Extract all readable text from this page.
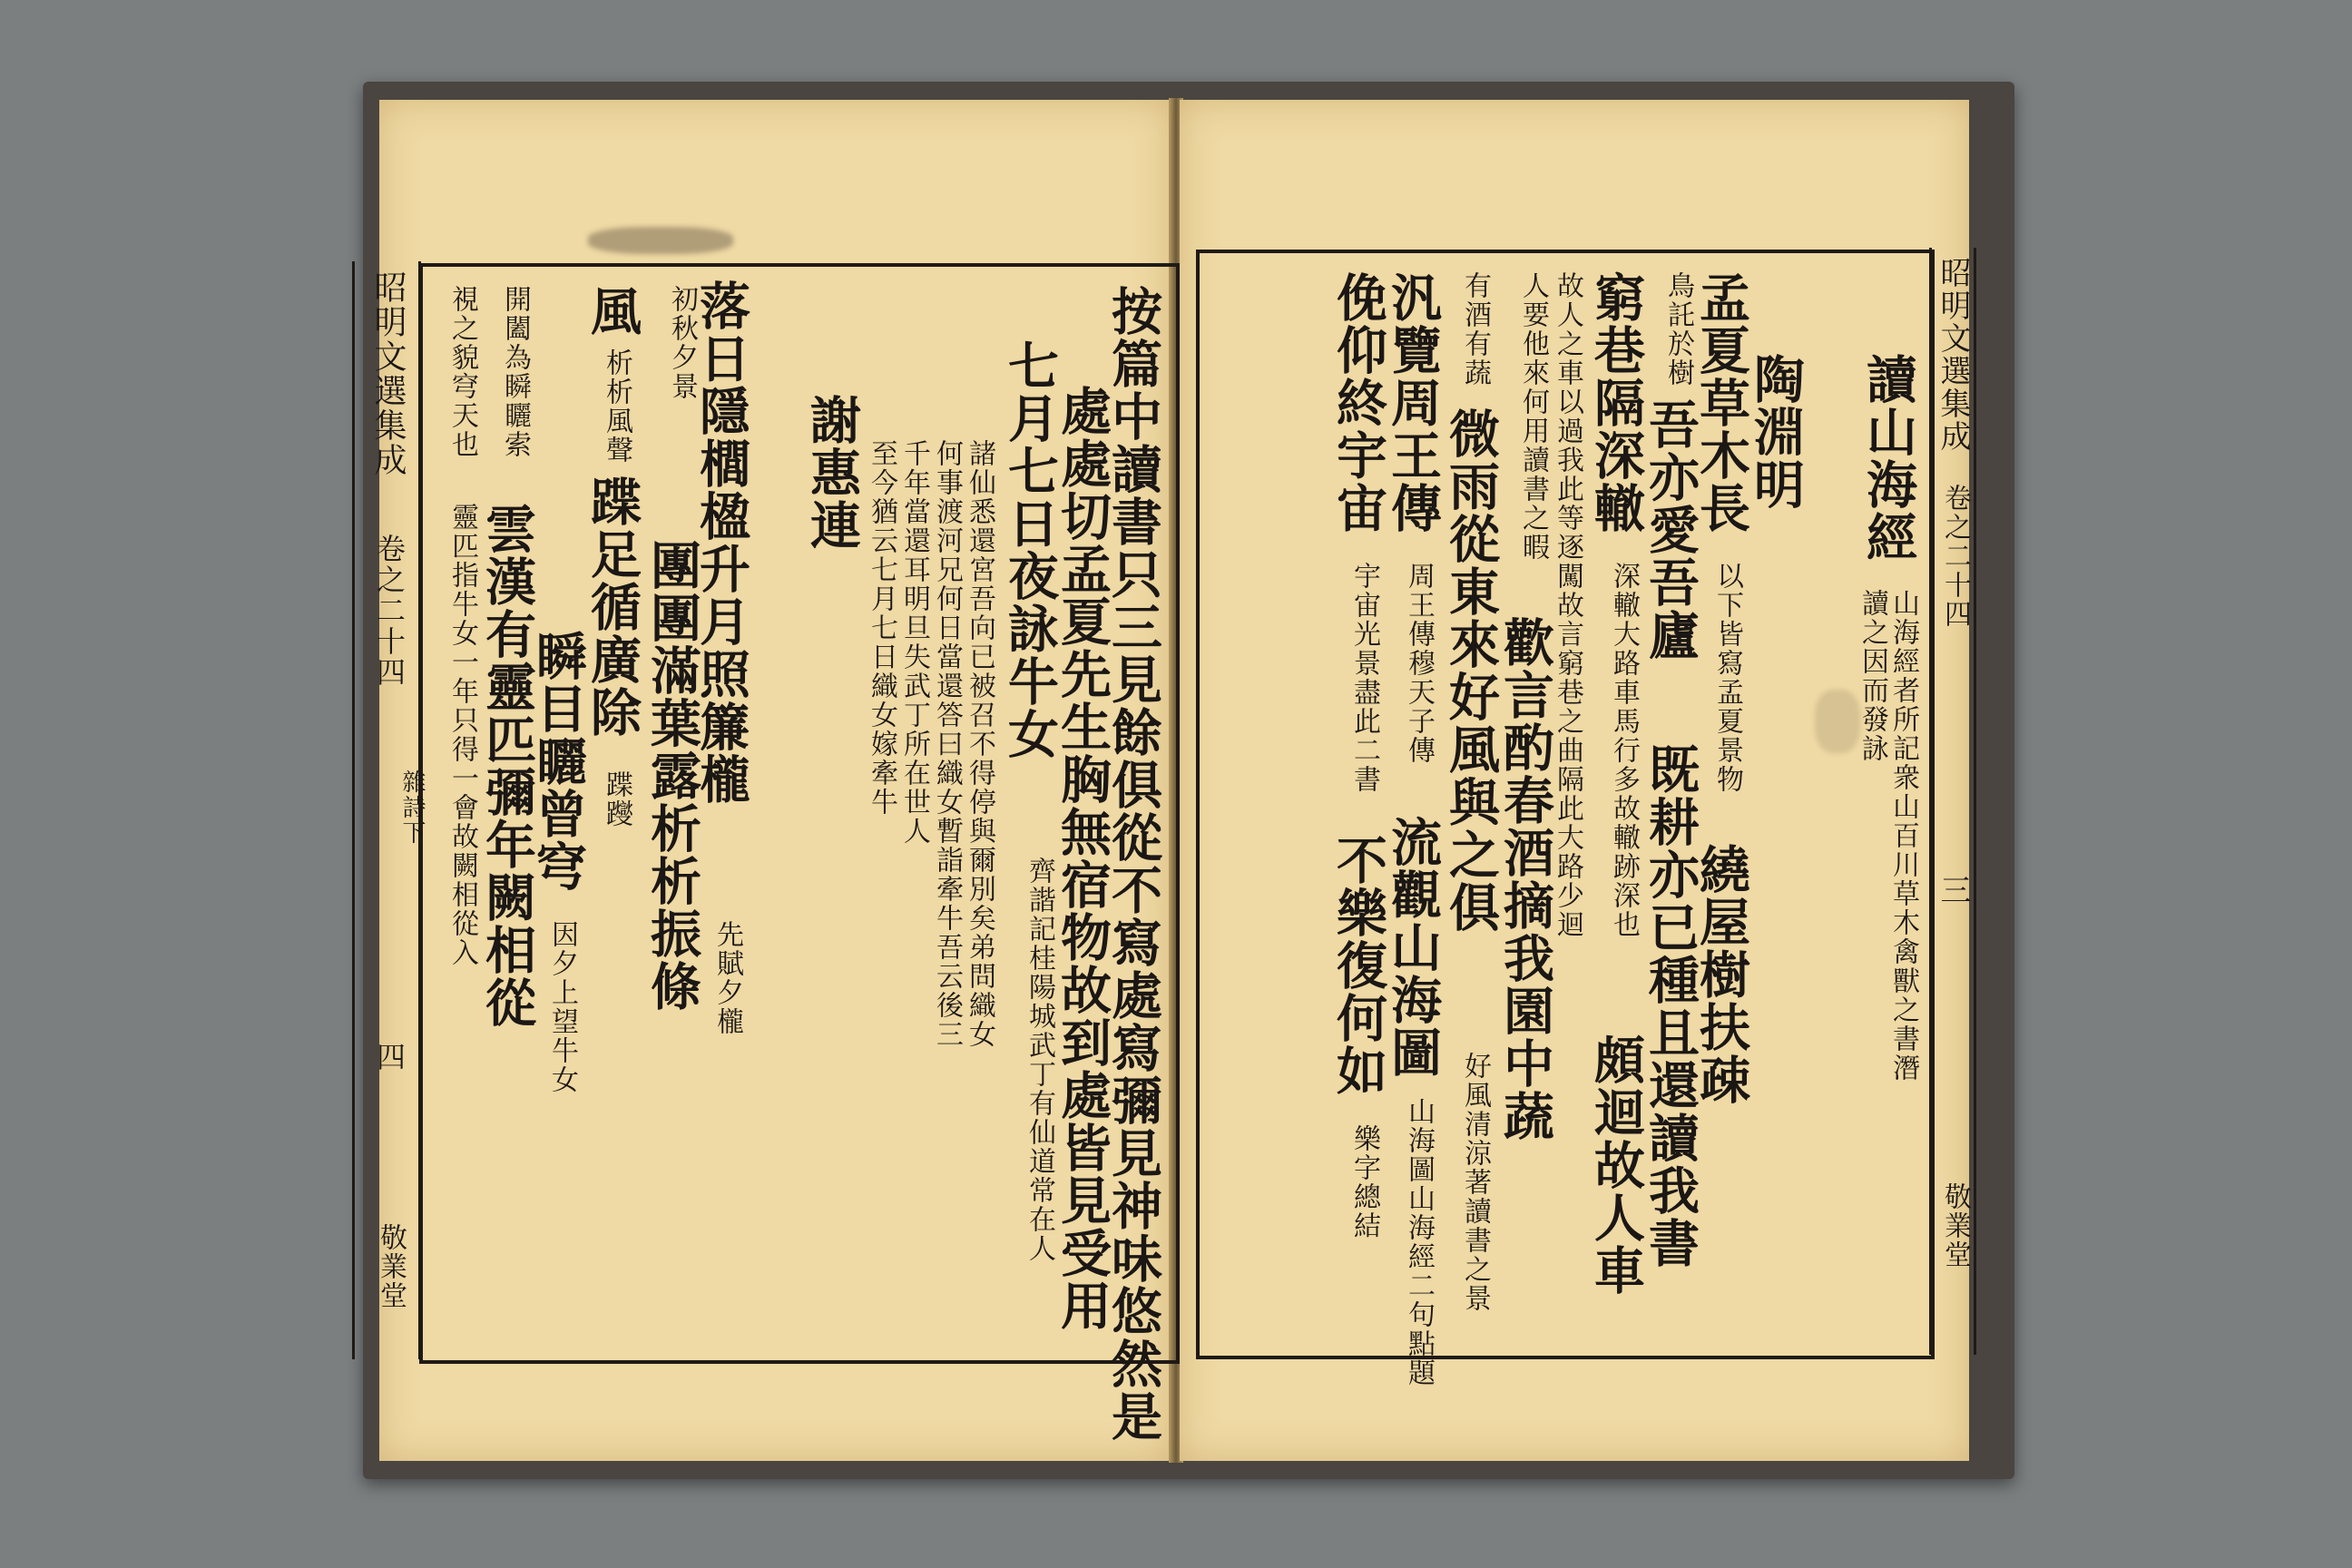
昭明文選集成
卷之二十四
雜詩下
四
敬業堂	按篇中讀書只三見餘俱從不寫處寫彌見神味悠然是
處處切孟夏先生胸無宿物故到處皆見受用
七月七日夜詠牛女
齊諧記桂陽城武丁有仙道常在人
諸仙悉還宮吾向已被召不得停與爾別矣弟問織女
何事渡河兄何日當還答曰織女暫詣牽牛吾云後三
千年當還耳明旦失武丁所在世人
至今猶云七月七日織女嫁牽牛
謝惠連
落日隱櫚楹升月照簾櫳
先賦夕櫳
初秋夕景
團團滿葉露析析振條
風
析析風聲
蹀足循廣除
蹀躞
瞬目矖曾穹
因夕上望牛女
開闔為瞬矖索
雲漢有靈匹彌年闕相從
視之貌穹天也
靈匹指牛女一年只得一會故闕相從入
昭明文選集成
卷之二十四
三
敬業堂
讀山海經
山海經者所記衆山百川草木禽獸之書潛讀之因而發詠
陶淵明
孟夏草木長
以下皆寫孟夏景物
繞屋樹扶疎
鳥託於樹
吾亦愛吾廬
既耕亦已種且還讀我書
窮巷隔深轍
深轍大路車馬行多故轍跡深也
頗迴故人車
故人之車以過我此等逐闖故言窮巷之曲隔此大路少迴
人要他來何用讀書之暇
歡言酌春酒摘我園中蔬
有酒有蔬
微雨從東來好風與之俱
好風清涼著讀書之景
汎覽周王傳
周王傳穆天子傳
流觀山海圖
山海圖山海經二句點題
俛仰終宇宙
宇宙光景盡此二書
不樂復何如
樂字總結
